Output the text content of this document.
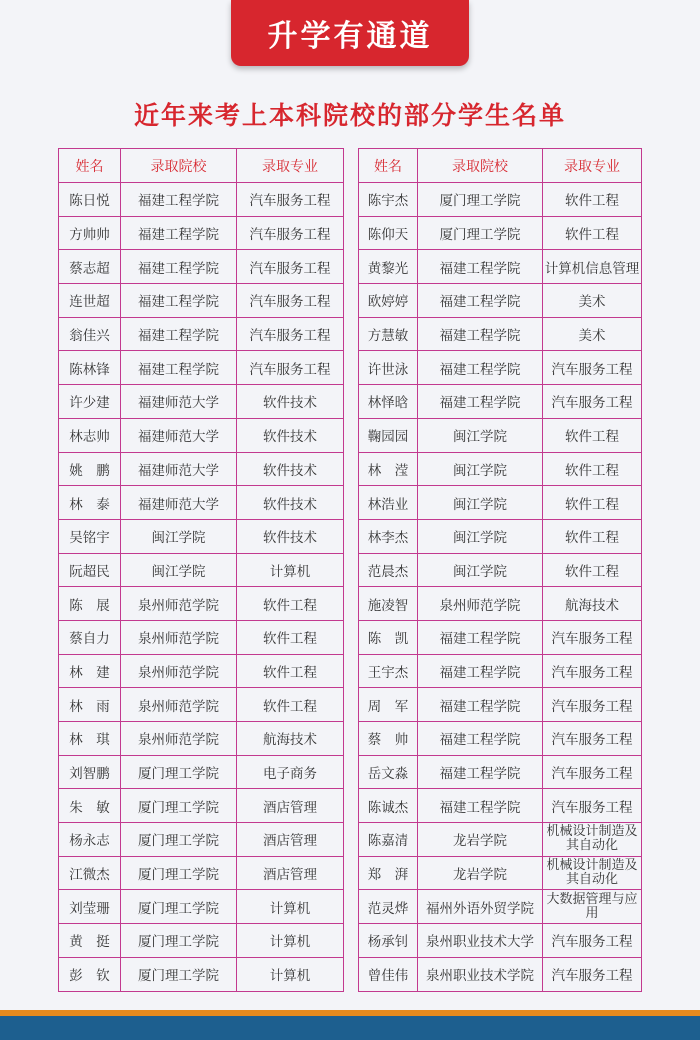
升学有通道
近年来考上本科院校的部分学生名单
姓名	录取院校	录取专业
陈日悦	福建工程学院	汽车服务工程
方帅帅	福建工程学院	汽车服务工程
蔡志超	福建工程学院	汽车服务工程
连世超	福建工程学院	汽车服务工程
翁佳兴	福建工程学院	汽车服务工程
陈林锋	福建工程学院	汽车服务工程
许少建	福建师范大学	软件技术
林志帅	福建师范大学	软件技术
姚　鹏	福建师范大学	软件技术
林　泰	福建师范大学	软件技术
吴铭宇	闽江学院	软件技术
阮超民	闽江学院	计算机
陈　展	泉州师范学院	软件工程
蔡自力	泉州师范学院	软件工程
林　建	泉州师范学院	软件工程
林　雨	泉州师范学院	软件工程
林　琪	泉州师范学院	航海技术
刘智鹏	厦门理工学院	电子商务
朱　敏	厦门理工学院	酒店管理
杨永志	厦门理工学院	酒店管理
江微杰	厦门理工学院	酒店管理
刘莹珊	厦门理工学院	计算机
黄　挺	厦门理工学院	计算机
彭　钦	厦门理工学院	计算机
姓名	录取院校	录取专业
陈宇杰	厦门理工学院	软件工程
陈仰天	厦门理工学院	软件工程
黄黎光	福建工程学院	计算机信息管理
欧婷婷	福建工程学院	美术
方慧敏	福建工程学院	美术
许世泳	福建工程学院	汽车服务工程
林怿晗	福建工程学院	汽车服务工程
鞠园园	闽江学院	软件工程
林　滢	闽江学院	软件工程
林浩业	闽江学院	软件工程
林李杰	闽江学院	软件工程
范晨杰	闽江学院	软件工程
施凌智	泉州师范学院	航海技术
陈　凯	福建工程学院	汽车服务工程
王宇杰	福建工程学院	汽车服务工程
周　军	福建工程学院	汽车服务工程
蔡　帅	福建工程学院	汽车服务工程
岳文淼	福建工程学院	汽车服务工程
陈诚杰	福建工程学院	汽车服务工程
陈嘉清	龙岩学院	机械设计制造及其自动化
郑　湃	龙岩学院	机械设计制造及其自动化
范灵烨	福州外语外贸学院	大数据管理与应用
杨承钊	泉州职业技术大学	汽车服务工程
曾佳伟	泉州职业技术学院	汽车服务工程
